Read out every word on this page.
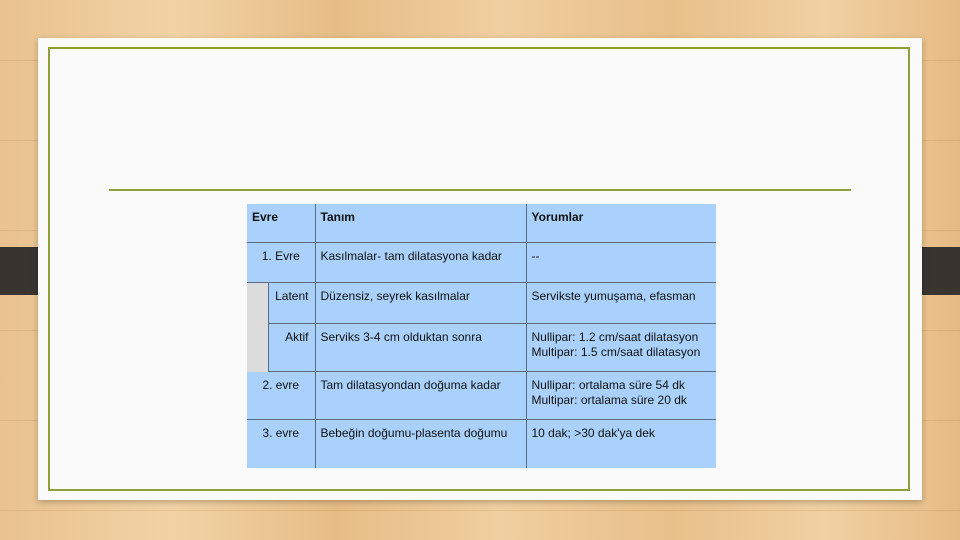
Evre		Tanım	Yorumlar
1. Evre		Kasılmalar- tam dilatasyona kadar	--
	Latent	Düzensiz, seyrek kasılmalar	Servikste yumuşama, efasman
	Aktif	Serviks 3-4 cm olduktan sonra	Nullipar: 1.2 cm/saat dilatasyon
Multipar: 1.5 cm/saat dilatasyon

2. evre		Tam dilatasyondan doğuma kadar	Nullipar: ortalama süre 54 dk
Multipar: ortalama süre 20 dk

3. evre		Bebeğin doğumu-plasenta doğumu	10 dak; >30 dak'ya dek
